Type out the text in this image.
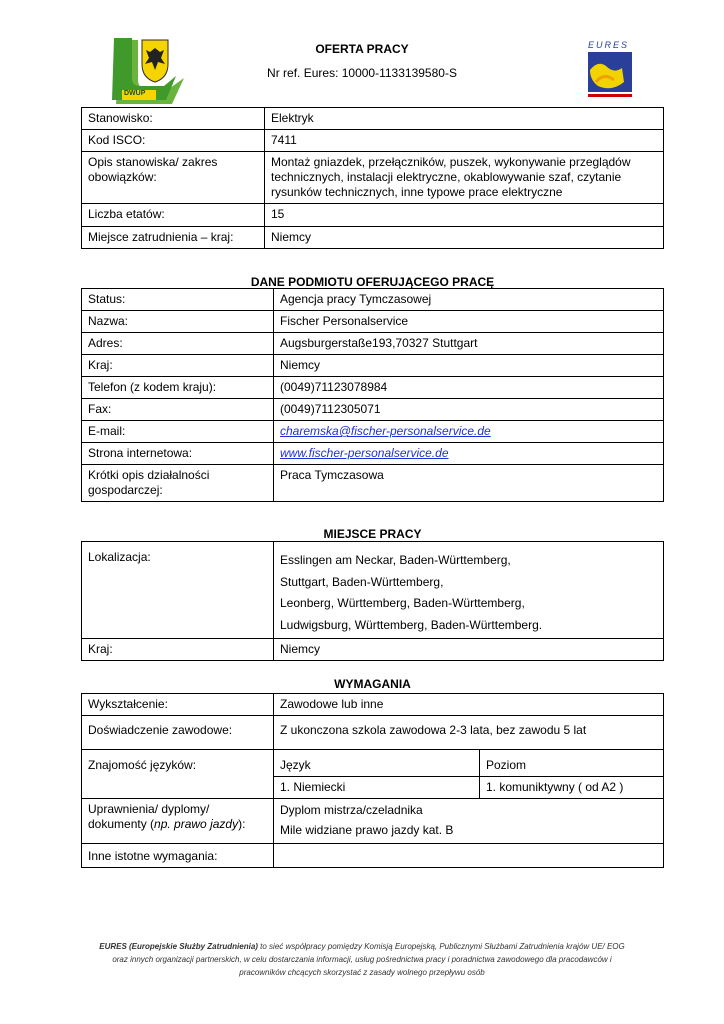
DWUP
EURES
OFERTA PRACY
Nr ref. Eures: 10000-1133139580-S
Stanowisko:	Elektryk
Kod ISCO:	7411
Opis stanowiska/ zakres obowiązków:	Montaż gniazdek, przełączników, puszek, wykonywanie przeglądów technicznych, instalacji elektryczne, okablowywanie szaf, czytanie rysunków technicznych, inne typowe prace elektryczne
Liczba etatów:	15
Miejsce zatrudnienia – kraj:	Niemcy
DANE PODMIOTU OFERUJĄCEGO PRACĘ
Status:	Agencja pracy Tymczasowej
Nazwa:	Fischer Personalservice
Adres:	Augsburgerstaße193,70327 Stuttgart
Kraj:	Niemcy
Telefon (z kodem kraju):	(0049)71123078984
Fax:	(0049)7112305071
E-mail:	charemska@fischer-personalservice.de
Strona internetowa:	www.fischer-personalservice.de
Krótki opis działalności gospodarczej:	Praca Tymczasowa
MIEJSCE PRACY
Lokalizacja:	Esslingen am Neckar, Baden-Württemberg,
Stuttgart, Baden-Württemberg,
Leonberg, Württemberg, Baden-Württemberg,
Ludwigsburg, Württemberg, Baden-Württemberg.

Kraj:	Niemcy
WYMAGANIA
Wykształcenie:	Zawodowe lub inne	
Doświadczenie zawodowe:	Z ukonczona szkola zawodowa 2-3 lata, bez zawodu 5 lat	
Znajomość języków:	Język	Poziom
	1. Niemiecki	1. komuniktywny ( od A2 )
Uprawnienia/ dyplomy/ dokumenty (np. prawo jazdy):	Dyplom mistrza/czeladnika
Mile widziane prawo jazdy kat. B	

Inne istotne wymagania:		
EURES (Europejskie Służby Zatrudnienia) to sieć współpracy pomiędzy Komisją Europejską, Publicznymi Służbami Zatrudnienia krajów UE/ EOG
oraz innych organizacji partnerskich, w celu dostarczania informacji, usług pośrednictwa pracy i poradnictwa zawodowego dla pracodawców i
pracowników chcących skorzystać z zasady wolnego przepływu osób
